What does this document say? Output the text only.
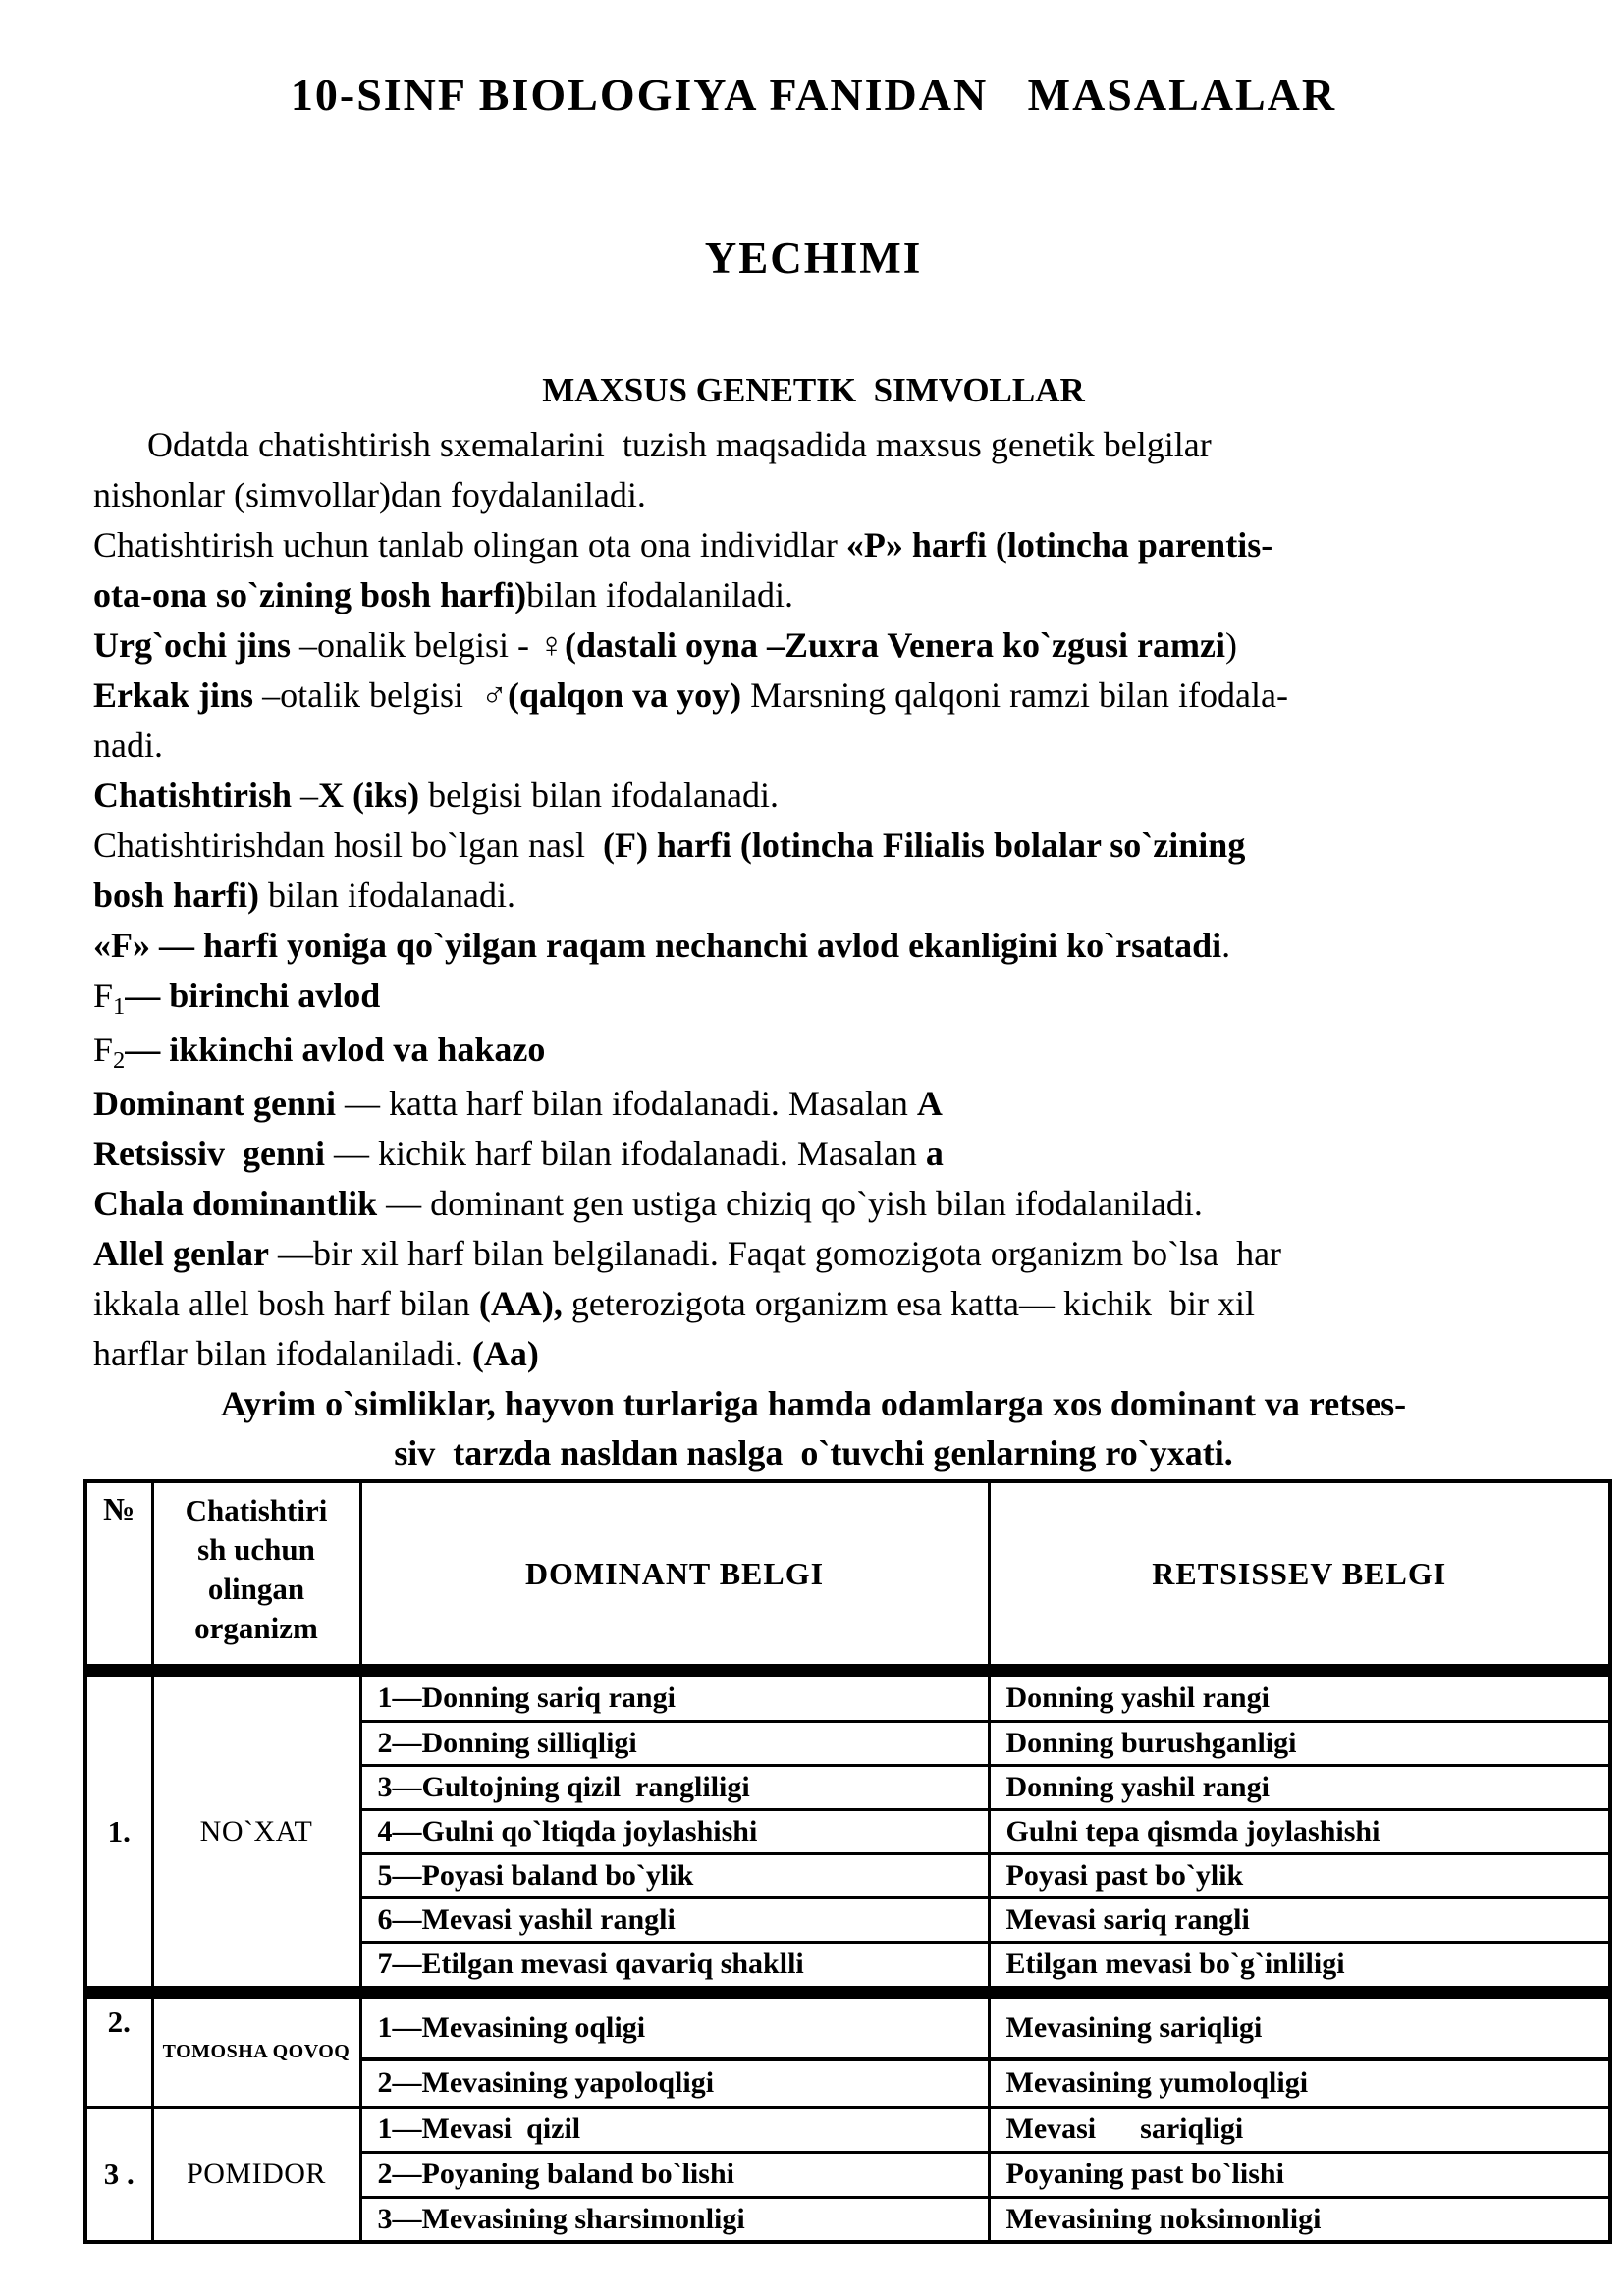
10-SINF BIOLOGIYA FANIDAN   MASALALAR
YECHIMI
MAXSUS GENETIK  SIMVOLLAR
Odatda chatishtirish sxemalarini  tuzish maqsadida maxsus genetik belgilar
nishonlar (simvollar)dan foydalaniladi.
Chatishtirish uchun tanlab olingan ota ona individlar «P» harfi (lotincha parentis-
ota-ona so`zining bosh harfi)bilan ifodalaniladi.
Urg`ochi jins –onalik belgisi - ♀(dastali oyna –Zuxra Venera ko`zgusi ramzi)
Erkak jins –otalik belgisi  ♂(qalqon va yoy) Marsning qalqoni ramzi bilan ifodala-
nadi.
Chatishtirish –X (iks) belgisi bilan ifodalanadi.
Chatishtirishdan hosil bo`lgan nasl  (F) harfi (lotincha Filialis bolalar so`zining
bosh harfi) bilan ifodalanadi.
«F» — harfi yoniga qo`yilgan raqam nechanchi avlod ekanligini ko`rsatadi.
$F_1—$ birinchi avlod
$F_2—$ ikkinchi avlod va hakazo
Dominant genni — katta harf bilan ifodalanadi. Masalan A
Retsissiv  genni — kichik harf bilan ifodalanadi. Masalan a
Chala dominantlik — dominant gen ustiga chiziq qo`yish bilan ifodalaniladi.
Allel genlar —bir xil harf bilan belgilanadi. Faqat gomozigota organizm bo`lsa  har
ikkala allel bosh harf bilan (AA), geterozigota organizm esa katta— kichik  bir xil
harflar bilan ifodalaniladi. (Aa)
Ayrim o`simliklar, hayvon turlariga hamda odamlarga xos dominant va retses-
siv  tarzda nasldan naslga  o`tuvchi genlarning ro`yxati.
№	Chatishtiri
sh uchun
olingan
organizm	DOMINANT BELGI	RETSISSEV BELGI

1.	NO`XAT	1—Donning sariq rangi	Donning yashil rangi
		2—Donning silliqligi	Donning burushganligi
		3—Gultojning qizil  rangliligi	Donning yashil rangi
		4—Gulni qo`ltiqda joylashishi	Gulni tepa qismda joylashishi
		5—Poyasi baland bo`ylik	Poyasi past bo`ylik
		6—Mevasi yashil rangli	Mevasi sariq rangli
		7—Etilgan mevasi qavariq shaklli	Etilgan mevasi bo`g`inliligi

2.	TOMOSHA QOVOQ	1—Mevasining oqligi	Mevasining sariqligi
		2—Mevasining yapoloqligi	Mevasining yumoloqligi
3 .	POMIDOR	1—Mevasi  qizil	Mevasi      sariqligi
		2—Poyaning baland bo`lishi	Poyaning past bo`lishi
		3—Mevasining sharsimonligi	Mevasining noksimonligi
